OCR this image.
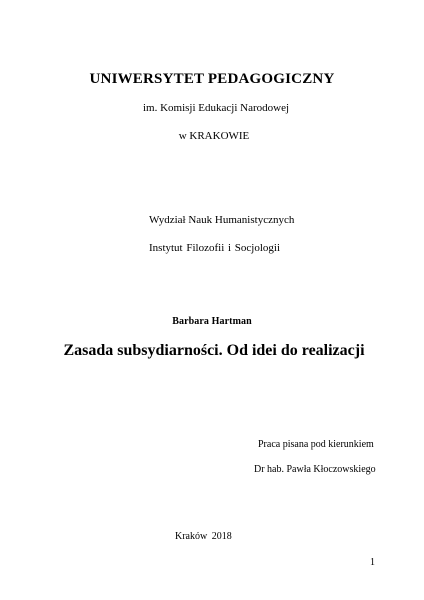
UNIWERSYTET PEDAGOGICZNY
im. Komisji Edukacji Narodowej
w KRAKOWIE
Wydział Nauk Humanistycznych
Instytut Filozofii i Socjologii
Barbara Hartman
Zasada subsydiarności. Od idei do realizacji
Praca pisana pod kierunkiem
Dr hab. Pawła Kłoczowskiego
Kraków 2018
1
